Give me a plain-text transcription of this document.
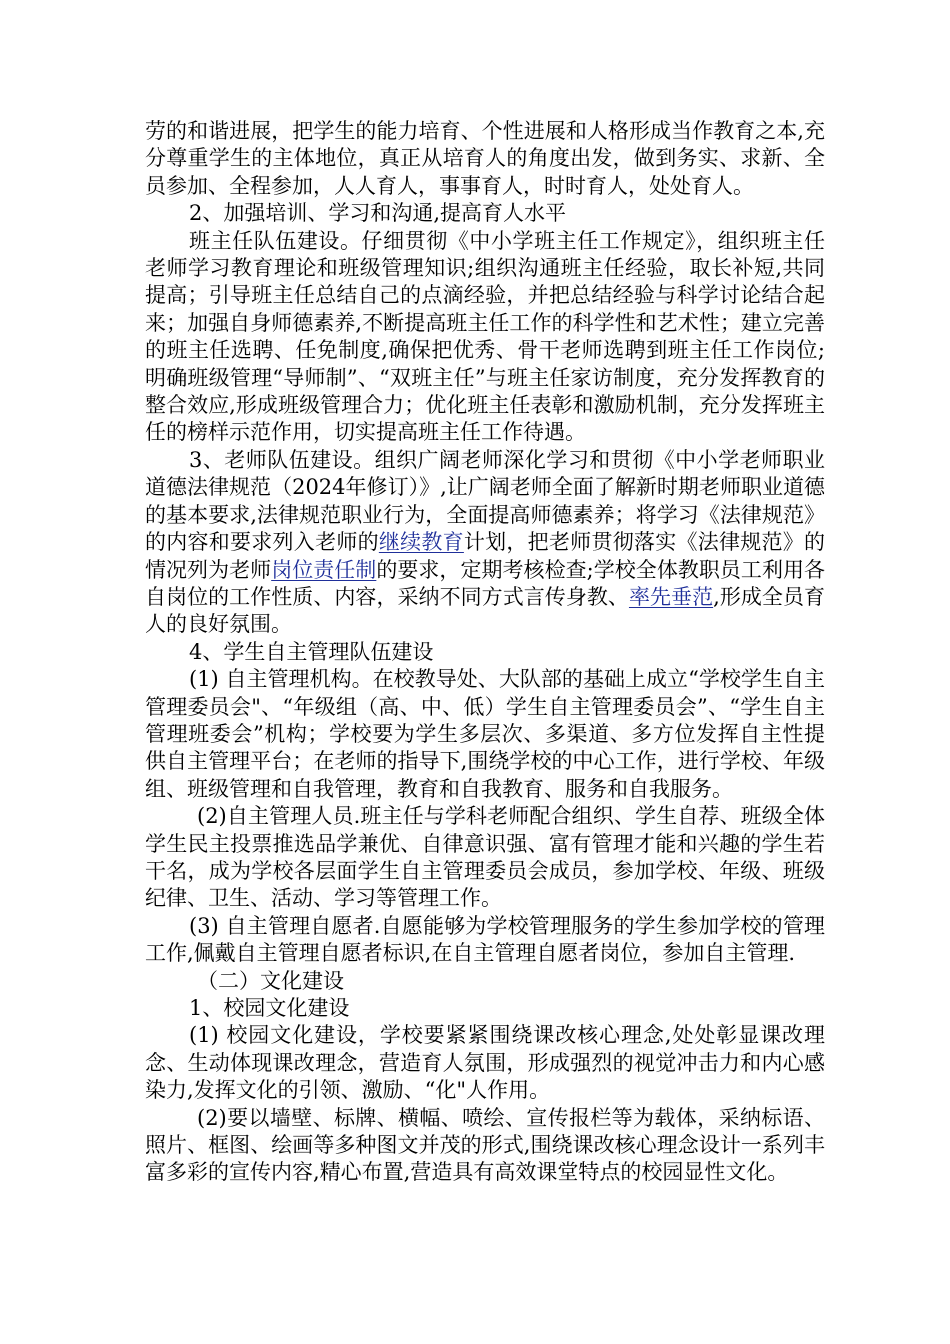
劳的和谐进展，把学生的能力培育、个性进展和人格形成当作教育之本,充分尊重学生的主体地位，真正从培育人的角度出发，做到务实、求新、全员参加、全程参加，人人育人，事事育人，时时育人，处处育人。

2、加强培训、学习和沟通,提高育人水平

班主任队伍建设。仔细贯彻《中小学班主任工作规定》，组织班主任老师学习教育理论和班级管理知识;组织沟通班主任经验，取长补短,共同提高；引导班主任总结自己的点滴经验，并把总结经验与科学讨论结合起来；加强自身师德素养,不断提高班主任工作的科学性和艺术性；建立完善的班主任选聘、任免制度,确保把优秀、骨干老师选聘到班主任工作岗位;明确班级管理“导师制”、“双班主任”与班主任家访制度，充分发挥教育的整合效应,形成班级管理合力；优化班主任表彰和激励机制，充分发挥班主任的榜样示范作用，切实提高班主任工作待遇。

3、老师队伍建设。组织广阔老师深化学习和贯彻《中小学老师职业道德法律规范（2024年修订）》,让广阔老师全面了解新时期老师职业道德的基本要求,法律规范职业行为，全面提高师德素养；将学习《法律规范》的内容和要求列入老师的继续教育计划，把老师贯彻落实《法律规范》的情况列为老师岗位责任制的要求，定期考核检查;学校全体教职员工利用各自岗位的工作性质、内容，采纳不同方式言传身教、率先垂范,形成全员育人的良好氛围。

4、学生自主管理队伍建设

(1) 自主管理机构。在校教导处、大队部的基础上成立“学校学生自主管理委员会"、“年级组（高、中、低）学生自主管理委员会”、“学生自主管理班委会”机构；学校要为学生多层次、多渠道、多方位发挥自主性提供自主管理平台；在老师的指导下,围绕学校的中心工作，进行学校、年级组、班级管理和自我管理，教育和自我教育、服务和自我服务。

(2)自主管理人员.班主任与学科老师配合组织、学生自荐、班级全体学生民主投票推选品学兼优、自律意识强、富有管理才能和兴趣的学生若干名，成为学校各层面学生自主管理委员会成员，参加学校、年级、班级纪律、卫生、活动、学习等管理工作。

(3) 自主管理自愿者.自愿能够为学校管理服务的学生参加学校的管理工作,佩戴自主管理自愿者标识,在自主管理自愿者岗位，参加自主管理.

（二）文化建设

1、校园文化建设

(1) 校园文化建设，学校要紧紧围绕课改核心理念,处处彰显课改理念、生动体现课改理念，营造育人氛围，形成强烈的视觉冲击力和内心感染力,发挥文化的引领、激励、“化"人作用。

(2)要以墙壁、标牌、横幅、喷绘、宣传报栏等为载体，采纳标语、照片、框图、绘画等多种图文并茂的形式,围绕课改核心理念设计一系列丰富多彩的宣传内容,精心布置,营造具有高效课堂特点的校园显性文化。
